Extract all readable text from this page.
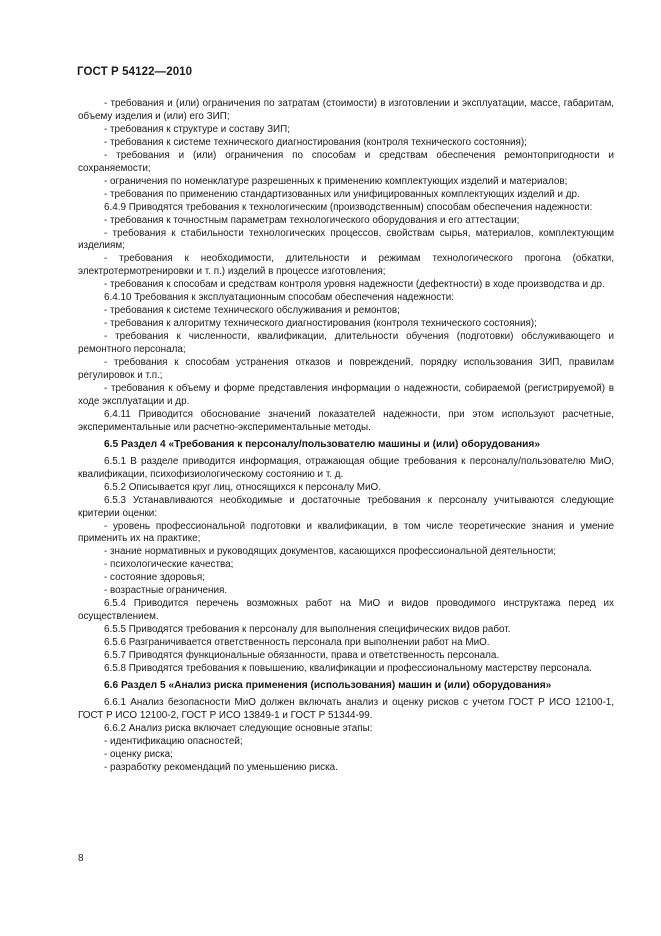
ГОСТ Р 54122—2010

- требования и (или) ограничения по затратам (стоимости) в изготовлении и эксплуатации, массе, габаритам, объему изделия и (или) его ЗИП;

- требования к структуре и составу ЗИП;

- требования к системе технического диагностирования (контроля технического состояния);

- требования и (или) ограничения по способам и средствам обеспечения ремонтопригодности и сохраняемости;

- ограничения по номенклатуре разрешенных к применению комплектующих изделий и материалов;

- требования по применению стандартизованных или унифицированных комплектующих изделий и др.

6.4.9 Приводятся требования к технологическим (производственным) способам обеспечения надежности:

- требования к точностным параметрам технологического оборудования и его аттестации;

- требования к стабильности технологических процессов, свойствам сырья, материалов, комплектующим изделиям;

- требования к необходимости, длительности и режимам технологического прогона (обкатки, электротермотренировки и т. п.) изделий в процессе изготовления;

- требования к способам и средствам контроля уровня надежности (дефектности) в ходе производства и др.

6.4.10 Требования к эксплуатационным способам обеспечения надежности:

- требования к системе технического обслуживания и ремонтов;

- требования к алгоритму технического диагностирования (контроля технического состояния);

- требования к численности, квалификации, длительности обучения (подготовки) обслуживающего и ремонтного персонала;

- требования к способам устранения отказов и повреждений, порядку использования ЗИП, правилам регулировок и т.п.;

- требования к объему и форме представления информации о надежности, собираемой (регистрируемой) в ходе эксплуатации и др.

6.4.11 Приводится обоснование значений показателей надежности, при этом используют расчетные, экспериментальные или расчетно-экспериментальные методы.

6.5 Раздел 4 «Требования к персоналу/пользователю машины и (или) оборудования»

6.5.1 В разделе приводится информация, отражающая общие требования к персоналу/пользователю МиО, квалификации, психофизиологическому состоянию и т. д.

6.5.2 Описывается круг лиц, относящихся к персоналу МиО.

6.5.3 Устанавливаются необходимые и достаточные требования к персоналу учитываются следующие критерии оценки:

- уровень профессиональной подготовки и квалификации, в том числе теоретические знания и умение применить их на практике;

- знание нормативных и руководящих документов, касающихся профессиональной деятельности;

- психологические качества;

- состояние здоровья;

- возрастные ограничения.

6.5.4 Приводится перечень возможных работ на МиО и видов проводимого инструктажа перед их осуществлением.

6.5.5 Приводятся требования к персоналу для выполнения специфических видов работ.

6.5.6 Разграничивается ответственность персонала при выполнении работ на МиО.

6.5.7 Приводятся функциональные обязанности, права и ответственность персонала.

6.5.8 Приводятся требования к повышению, квалификации и профессиональному мастерству персонала.

6.6 Раздел 5 «Анализ риска применения (использования) машин и (или) оборудования»

6.6.1 Анализ безопасности МиО должен включать анализ и оценку рисков с учетом ГОСТ Р ИСО 12100-1, ГОСТ Р ИСО 12100-2, ГОСТ Р ИСО 13849-1 и ГОСТ Р 51344-99.

6.6.2 Анализ риска включает следующие основные этапы:

- идентификацию опасностей;

- оценку риска;

- разработку рекомендаций по уменьшению риска.

8
